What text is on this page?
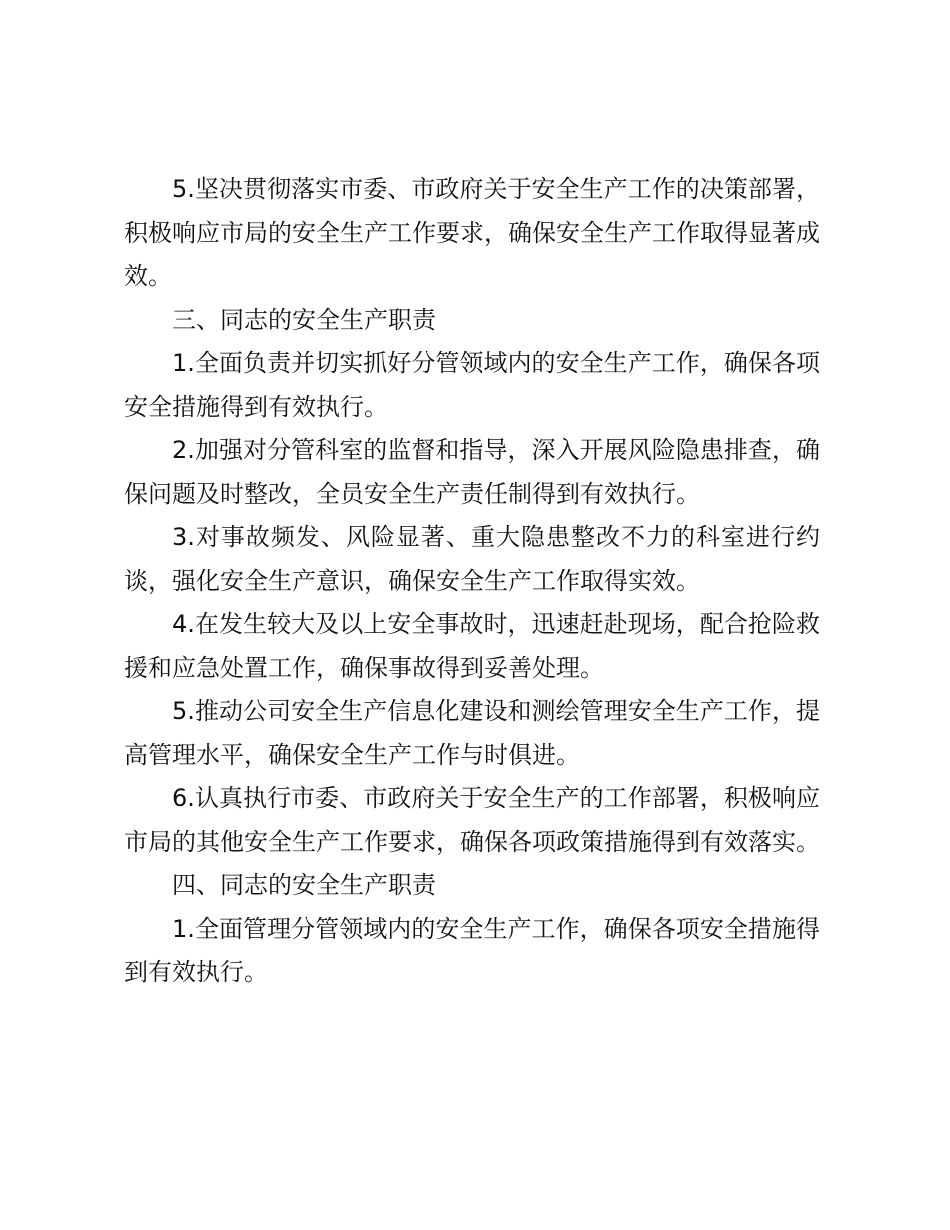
5.坚决贯彻落实市委、市政府关于安全生产工作的决策部署，积极响应市局的安全生产工作要求，确保安全生产工作取得显著成效。

三、同志的安全生产职责

1.全面负责并切实抓好分管领域内的安全生产工作，确保各项安全措施得到有效执行。

2.加强对分管科室的监督和指导，深入开展风险隐患排查，确保问题及时整改，全员安全生产责任制得到有效执行。

3.对事故频发、风险显著、重大隐患整改不力的科室进行约谈，强化安全生产意识，确保安全生产工作取得实效。

4.在发生较大及以上安全事故时，迅速赶赴现场，配合抢险救援和应急处置工作，确保事故得到妥善处理。

5.推动公司安全生产信息化建设和测绘管理安全生产工作，提高管理水平，确保安全生产工作与时俱进。

6.认真执行市委、市政府关于安全生产的工作部署，积极响应市局的其他安全生产工作要求，确保各项政策措施得到有效落实。

四、同志的安全生产职责

1.全面管理分管领域内的安全生产工作，确保各项安全措施得到有效执行。
